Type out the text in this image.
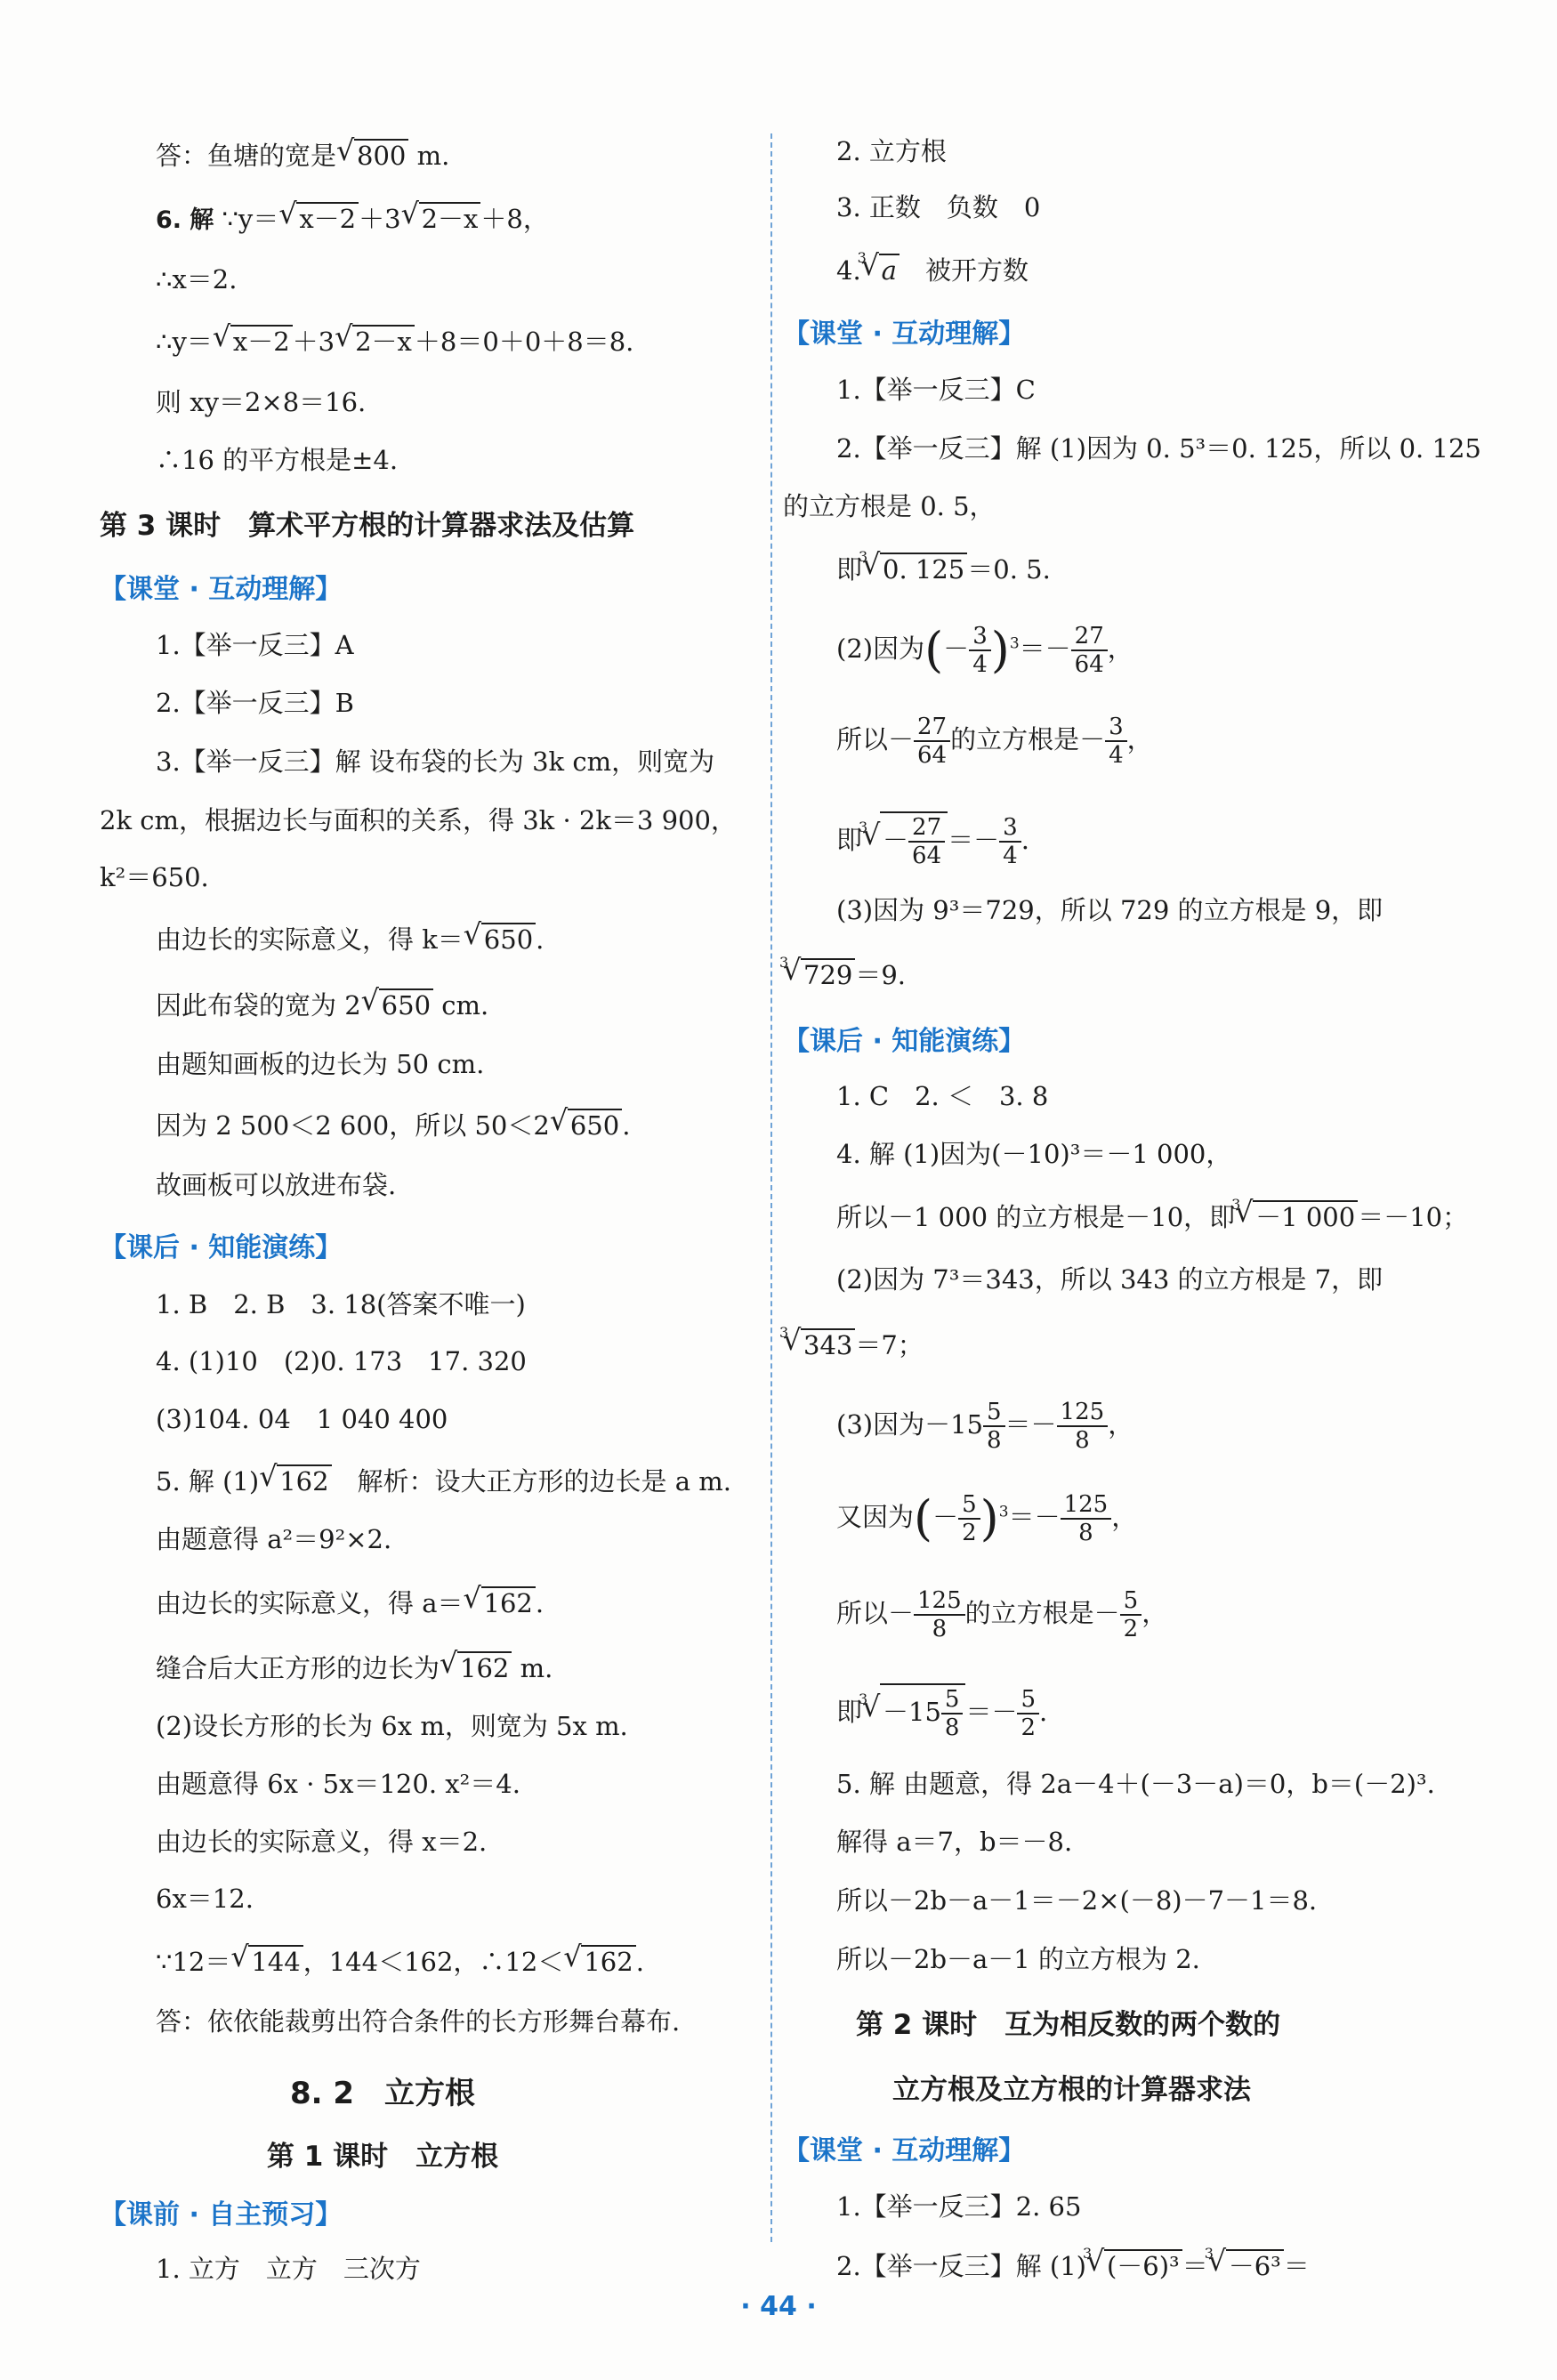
答：鱼塘的宽是 √ 800 m.
6. 解 ∵y＝ √ x－2 ＋3 √ 2－x ＋8，
∴x＝2.
∴y＝ √ x－2 ＋3 √ 2－x ＋8＝0＋0＋8＝8.
则 xy＝2×8＝16.
∴16 的平方根是±4.
第 3 课时　算术平方根的计算器求法及估算
【课堂 · 互动理解】
1.【举一反三】A
2.【举一反三】B
3.【举一反三】解 设布袋的长为 3k cm，则宽为
2k cm，根据边长与面积的关系，得 3k · 2k＝3 900，
k²＝650.
由边长的实际意义，得 k＝ √ 650 .
因此布袋的宽为 2 √ 650 cm.
由题知画板的边长为 50 cm.
因为 2 500＜2 600，所以 50＜2 √ 650 .
故画板可以放进布袋.
【课后 · 知能演练】
1. B　2. B　3. 18(答案不唯一)
4. (1)10　(2)0. 173　17. 320
(3)104. 04　1 040 400
5. 解 (1) √ 162　解析：设大正方形的边长是 a m.
由题意得 a²＝9²×2.
由边长的实际意义，得 a＝ √ 162 .
缝合后大正方形的边长为 √ 162 m.
(2)设长方形的长为 6x m，则宽为 5x m.
由题意得 6x · 5x＝120. x²＝4.
由边长的实际意义，得 x＝2.
6x＝12.
∵12＝ √ 144 ，144＜162，∴12＜ √ 162 .
答：依依能裁剪出符合条件的长方形舞台幕布.
8. 2　立方根
第 1 课时　立方根
【课前 · 自主预习】
1. 立方　立方　三次方
2. 立方根
3. 正数　负数　0
4.
√ 3 a　被开方数
【课堂 · 互动理解】
1.【举一反三】C
2.【举一反三】解 (1)因为 0. 5³＝0. 125，所以 0. 125
的立方根是 0. 5，
即
√ 3 0. 125 ＝0. 5.
(2)因为(－ $\frac{3}{4} )^3=- \frac{27}{64}$ ，
所以－ $\frac{27}{64}$ 的立方根是－ $\frac{3}{4}$ ，
即
√ $3 - \frac{27}{64} =- \frac{3}{4}$ .
(3)因为 9³＝729，所以 729 的立方根是 9，即
√ 3 729 ＝9.
【课后 · 知能演练】
1. C　2. ＜　3. 8
4. 解 (1)因为(－10)³＝－1 000，
所以－1 000 的立方根是－10，即
√ 3 －1 000 ＝－10；
(2)因为 7³＝343，所以 343 的立方根是 7，即
√ 3 343 ＝7；
(3)因为$-15 \frac{5}{8} =- \frac{125}{8}$ ，
又因为(－ $\frac{5}{2} )^3=- \frac{125}{8}$ ，
所以－ $\frac{125}{8}$ 的立方根是－ $\frac{5}{2}$ ，
即
√ $3 -15 \frac{5}{8} =- \frac{5}{2}$ .
5. 解 由题意，得 2a－4＋(－3－a)＝0，b＝(－2)³.
解得 a＝7，b＝－8.
所以－2b－a－1＝－2×(－8)－7－1＝8.
所以－2b－a－1 的立方根为 2.
第 2 课时　互为相反数的两个数的
立方根及立方根的计算器求法
【课堂 · 互动理解】
1.【举一反三】2. 65
2.【举一反三】解 (1)
√ 3 (－6)³ ＝
√ 3 －6³ ＝
· 44 ·
